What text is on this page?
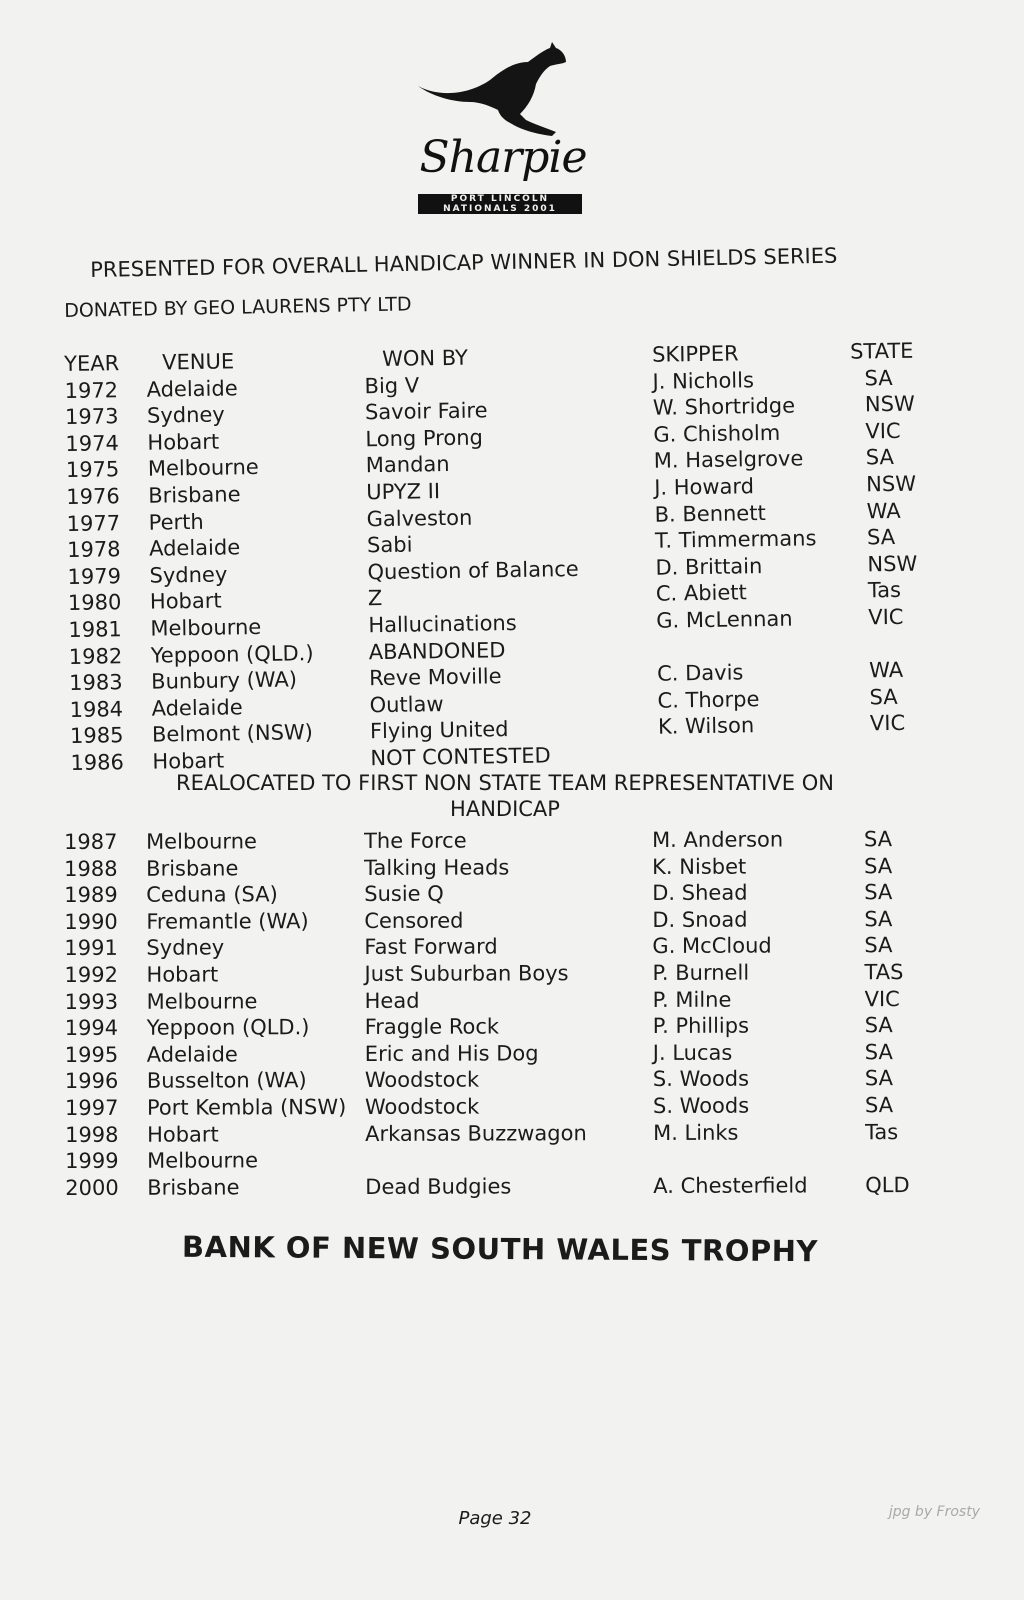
Sharpie
PORT LINCOLN
NATIONALS 2001
PRESENTED FOR OVERALL HANDICAP WINNER IN DON SHIELDS SERIES
DONATED BY GEO LAURENS PTY LTD
YEAR VENUE	WON BY	SKIPPER	STATE
1972 Adelaide	Big V	J. Nicholls	SA
1973 Sydney	Savoir Faire	W. Shortridge	NSW
1974 Hobart	Long Prong	G. Chisholm	VIC
1975 Melbourne	Mandan	M. Haselgrove	SA
1976 Brisbane	UPYZ II	J. Howard	NSW
1977 Perth	Galveston	B. Bennett	WA
1978 Adelaide	Sabi	T. Timmermans SA
1979 Sydney	Question of Balance	D. Brittain	NSW
1980 Hobart	Z	C. Abiett	Tas
1981 Melbourne	Hallucinations	G. McLennan	VIC
1982 Yeppoon (QLD.)	ABANDONED
1983 Bunbury (WA)	Reve Moville	C. Davis	WA
1984 Adelaide	Outlaw	C. Thorpe	SA
1985 Belmont (NSW)	Flying United	K. Wilson	VIC
1986 Hobart	NOT CONTESTED
REALOCATED TO FIRST NON STATE TEAM REPRESENTATIVE ON
HANDICAP
1987 Melbourne	The Force	M. Anderson	SA
1988 Brisbane	Talking Heads	K. Nisbet	SA
1989 Ceduna (SA)	Susie Q	D. Shead	SA
1990 Fremantle (WA)	Censored	D. Snoad	SA
1991 Sydney	Fast Forward	G. McCloud	SA
1992 Hobart	Just Suburban Boys	P. Burnell	TAS
1993 Melbourne	Head	P. Milne	VIC
1994 Yeppoon (QLD.)	Fraggle Rock	P. Phillips	SA
1995 Adelaide	Eric and His Dog	J. Lucas	SA
1996 Busselton (WA)	Woodstock	S. Woods	SA
1997 Port Kembla (NSW) Woodstock	S. Woods	SA
1998 Hobart	Arkansas Buzzwagon	M. Links	Tas
1999 Melbourne
2000 Brisbane	Dead Budgies	A. Chesterfield	QLD
BANK OF NEW SOUTH WALES TROPHY
Page 32	jpg by Frosty
